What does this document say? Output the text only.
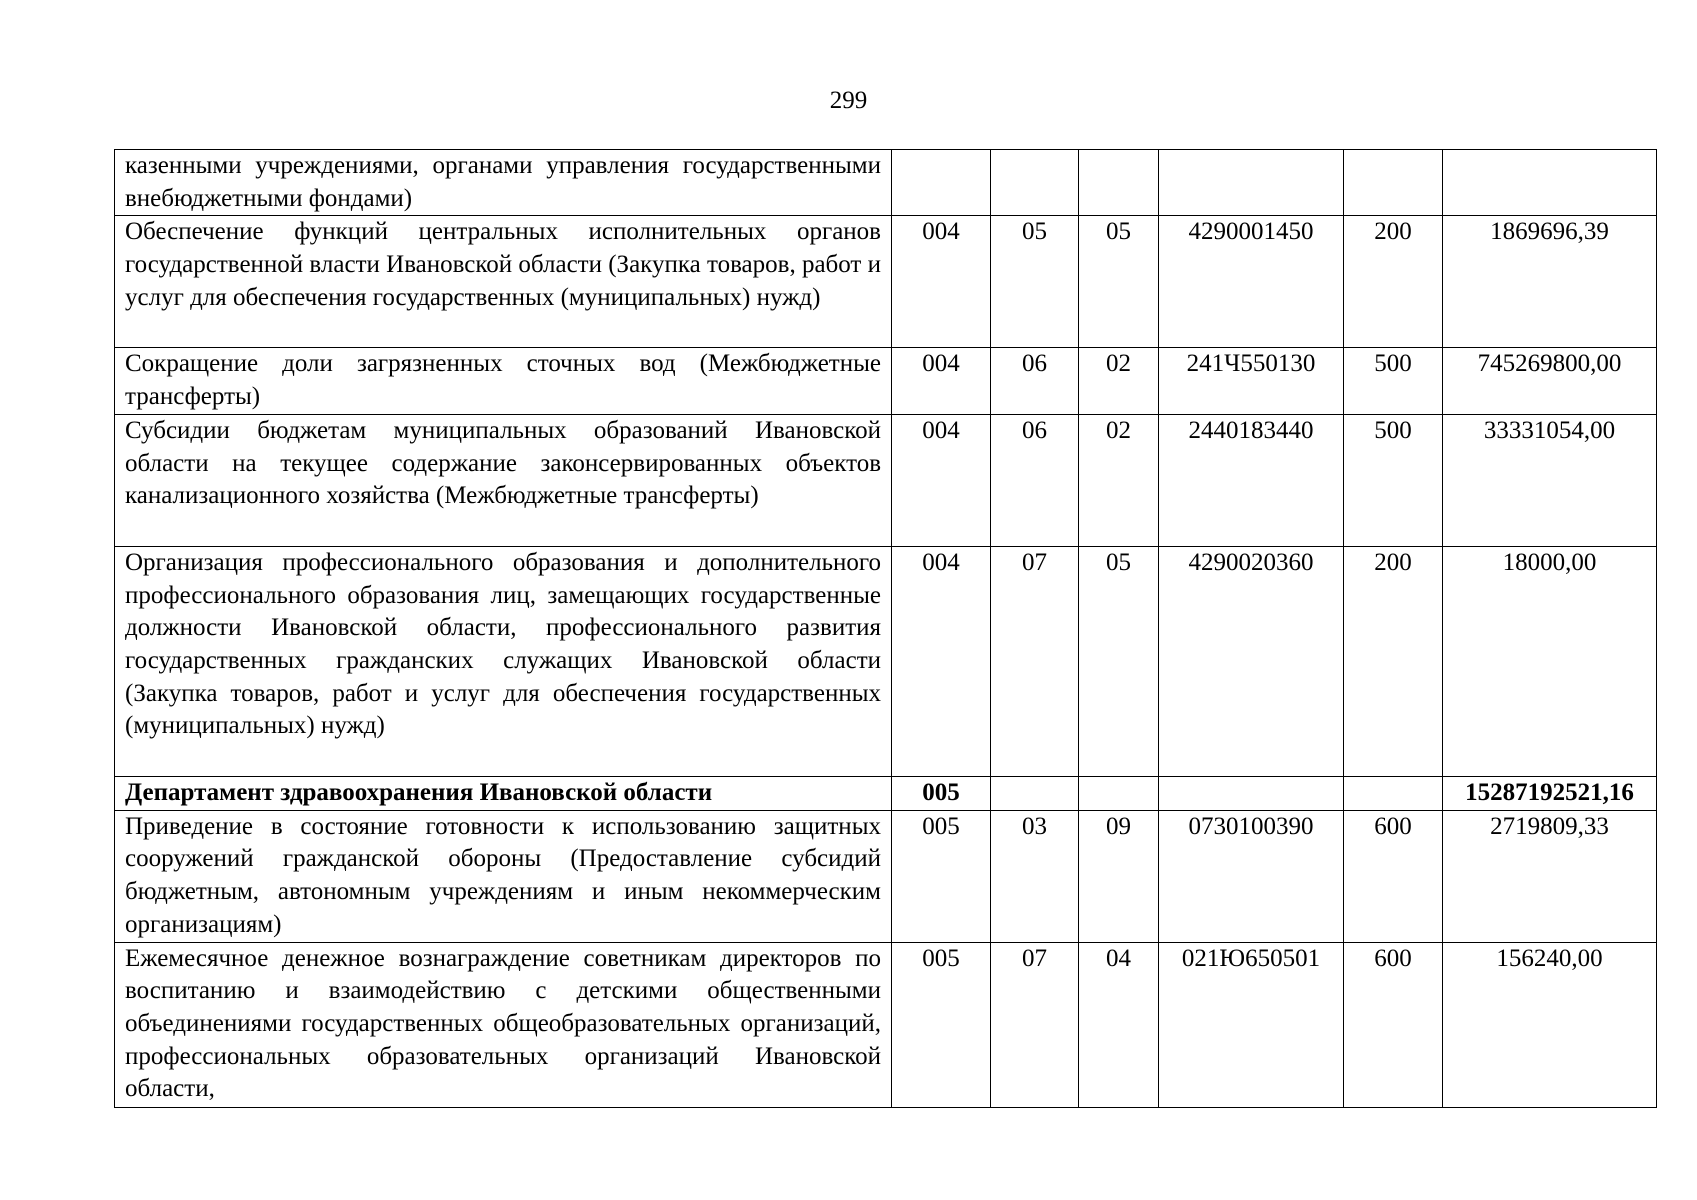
299
казенными учреждениями, органами управления государственными внебюджетными фондами)						
Обеспечение функций центральных исполнительных органов государственной власти Ивановской области (Закупка товаров, работ и услуг для обеспечения государственных (муниципальных) нужд)	004	05	05	4290001450	200	1869696,39
Сокращение доли загрязненных сточных вод (Межбюджетные трансферты)	004	06	02	241Ч550130	500	745269800,00
Субсидии бюджетам муниципальных образований Ивановской области на текущее содержание законсервированных объектов канализационного хозяйства (Межбюджетные трансферты)	004	06	02	2440183440	500	33331054,00
Организация профессионального образования и дополнительного профессионального образования лиц, замещающих государственные должности Ивановской области, профессионального развития государственных гражданских служащих Ивановской области (Закупка товаров, работ и услуг для обеспечения государственных (муниципальных) нужд)	004	07	05	4290020360	200	18000,00
Департамент здравоохранения Ивановской области	005					15287192521,16
Приведение в состояние готовности к использованию защитных сооружений гражданской обороны (Предоставление субсидий бюджетным, автономным учреждениям и иным некоммерческим организациям)	005	03	09	0730100390	600	2719809,33
Ежемесячное денежное вознаграждение советникам директоров по воспитанию и взаимодействию с детскими общественными объединениями государственных общеобразовательных организаций, профессиональных образовательных организаций Ивановской области,	005	07	04	021Ю650501	600	156240,00
